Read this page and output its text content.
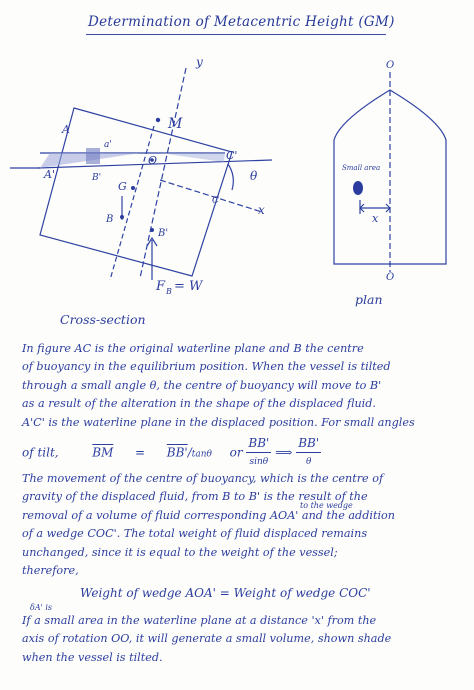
Determination of Metacentric Height (GM)
y
M
A
A'	B'
a'
O	C'
C
G
B
B'
θ
x
F B = W
Cross-section
O
O
Small area
x
plan
In figure AC is the original waterline plane and B the centre
of buoyancy in the equilibrium position. When the vessel is tilted
through a small angle θ, the centre of buoyancy will move to B'
as a result of the alteration in the shape of the displaced fluid.
A'C' is the waterline plane in the displaced position. For small angles
of tilt,	$\overline{BM} = BB'/\tan\theta$ or $\frac{BB'}{\sin\theta}$ ⟹ $\frac{BB'}{\theta}$
The movement of the centre of buoyancy, which is the centre of
gravity of the displaced fluid, from B to B' is the result of the
removal of a volume of fluid corresponding AOA' and the addition
of a wedge COC'. The total weight of fluid displaced remains
unchanged, since it is equal to the weight of the vessel;
therefore,
to the wedge
Weight of wedge AOA' = Weight of wedge COC'
δA' is
If a small area in the waterline plane at a distance 'x' from the
axis of rotation OO, it will generate a small volume, shown shade
when the vessel is tilted.
